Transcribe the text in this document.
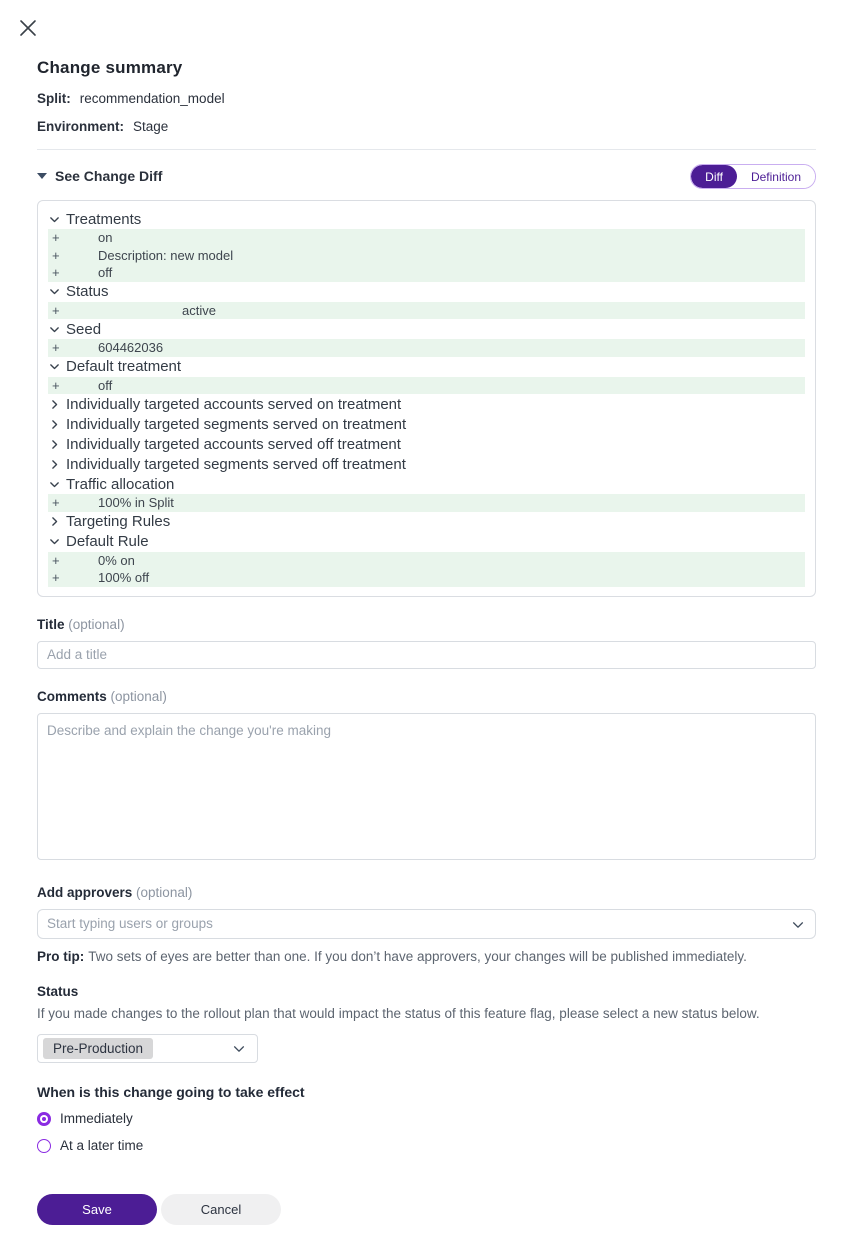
Change summary
Split: recommendation_model
Environment: Stage
See Change Diff	Diff	Definition
Treatments
+	on
+	Description: new model
+	off
Status
+	active
Seed
+	604462036
Default treatment
+	off
Individually targeted accounts served on treatment
Individually targeted segments served on treatment
Individually targeted accounts served off treatment
Individually targeted segments served off treatment
Traffic allocation
+	100% in Split
Targeting Rules
Default Rule
+	0% on
+	100% off
Title (optional)
Add a title
Comments (optional)
Describe and explain the change you're making
Add approvers (optional)
Start typing users or groups
Pro tip: Two sets of eyes are better than one. If you don’t have approvers, your changes will be published immediately.
Status
If you made changes to the rollout plan that would impact the status of this feature flag, please select a new status below.
Pre-Production
When is this change going to take effect
Immediately
At a later time
Save	Cancel
